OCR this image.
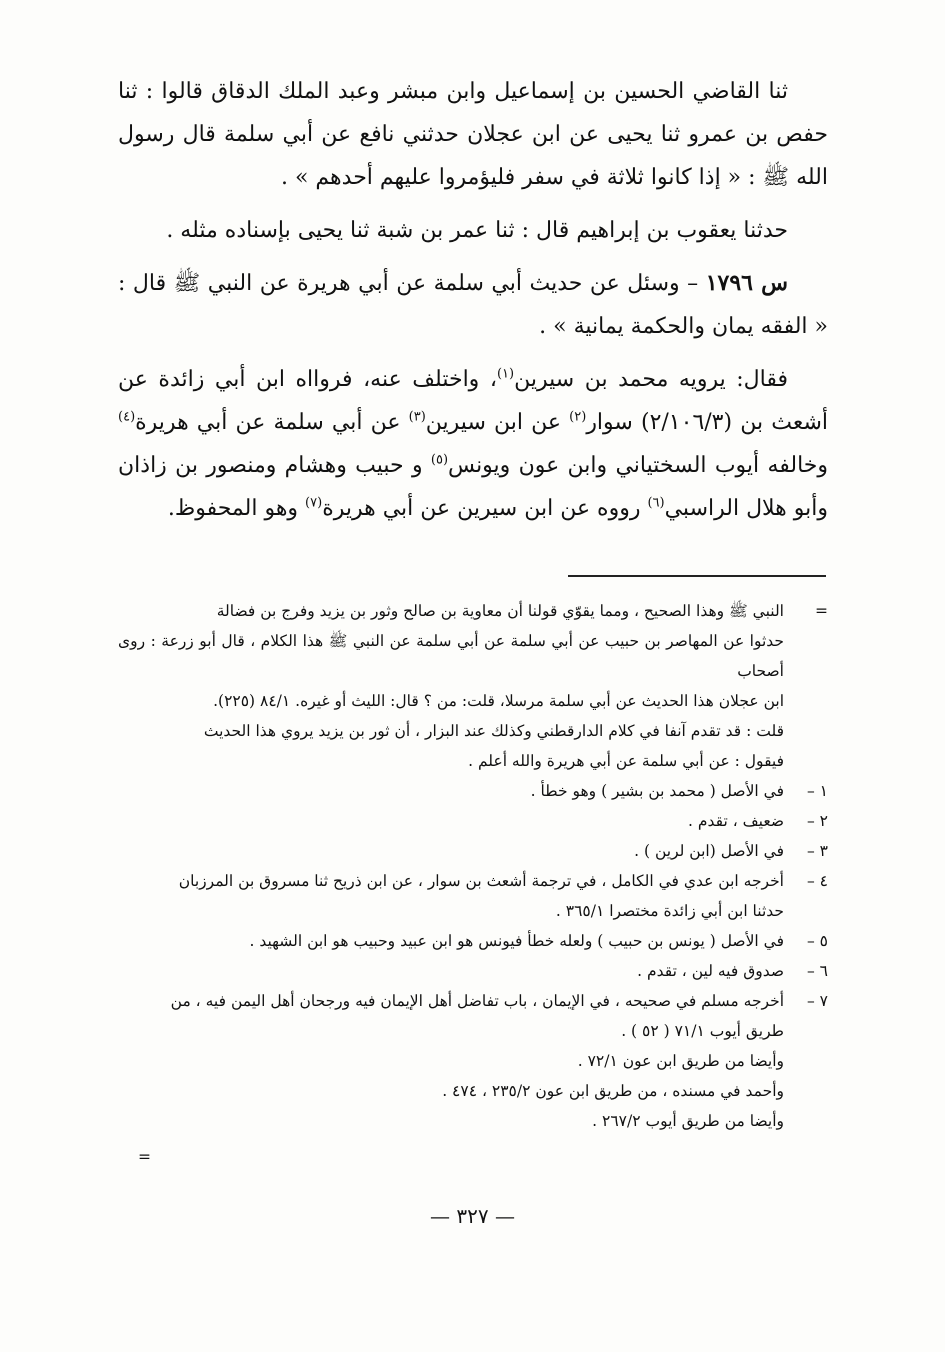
ثنا القاضي الحسين بن إسماعيل وابن مبشر وعبد الملك الدقاق قالوا : ثنا حفص بن عمرو ثنا يحيى عن ابن عجلان حدثني نافع عن أبي سلمة قال رسول الله ﷺ : « إذا كانوا ثلاثة في سفر فليؤمروا عليهم أحدهم » .

حدثنا يعقوب بن إبراهيم قال : ثنا عمر بن شبة ثنا يحيى بإسناده مثله .

س ١٧٩٦ – وسئل عن حديث أبي سلمة عن أبي هريرة عن النبي ﷺ قال : « الفقه يمان والحكمة يمانية » .

فقال: يرويه محمد بن سيرين$^{(١)}$، واختلف عنه، فروااه ابن أبي زائدة عن أشعث بن (٢/١٠٦/٣) سوار$^{(٢)}$ عن ابن سيرين$^{(٣)}$ عن أبي سلمة عن أبي هريرة$^{(٤)}$ وخالفه أيوب السختياني وابن عون ويونس$^{(٥)}$ و حبيب وهشام ومنصور بن زاذان وأبو هلال الراسبي$^{(٦)}$ رووه عن ابن سيرين عن أبي هريرة$^{(٧)}$ وهو المحفوظ.

=
النبي ﷺ وهذا الصحيح ، ومما يقوّي قولنا أن معاوية بن صالح وثور بن يزيد وفرج بن فضالة
حدثوا عن المهاصر بن حبيب عن أبي سلمة عن أبي سلمة عن النبي ﷺ هذا الكلام ، قال أبو زرعة : روى أصحاب
ابن عجلان هذا الحديث عن أبي سلمة مرسلا، قلت: من ؟ قال: الليث أو غيره. ٨٤/١ (٢٢٥).
قلت : قد تقدم آنفا في كلام الدارقطني وكذلك عند البزار ، أن ثور بن يزيد يروي هذا الحديث
فيقول : عن أبي سلمة عن أبي هريرة والله أعلم .
١ –
في الأصل ( محمد بن بشير ) وهو خطأ .
٢ –
ضعيف ، تقدم .
٣ –
في الأصل (ابن لرين ) .
٤ –
أخرجه ابن عدي في الكامل ، في ترجمة أشعث بن سوار ، عن ابن ذريح ثنا مسروق بن المرزبان
حدثنا ابن أبي زائدة مختصرا ٣٦٥/١ .
٥ –
في الأصل ( يونس بن حبيب ) ولعله خطأ فيونس هو ابن عبيد وحبيب هو ابن الشهيد .
٦ –
صدوق فيه لين ، تقدم .
٧ –
أخرجه مسلم في صحيحه ، في الإيمان ، باب تفاضل أهل الإيمان فيه ورجحان أهل اليمن فيه ، من
طريق أيوب ٧١/١ ( ٥٢ ) .
وأيضا من طريق ابن عون ٧٢/١ .
وأحمد في مسنده ، من طريق ابن عون ٢٣٥/٢ ، ٤٧٤ .
وأيضا من طريق أيوب ٢٦٧/٢ .
=
— ٣٢٧ —
